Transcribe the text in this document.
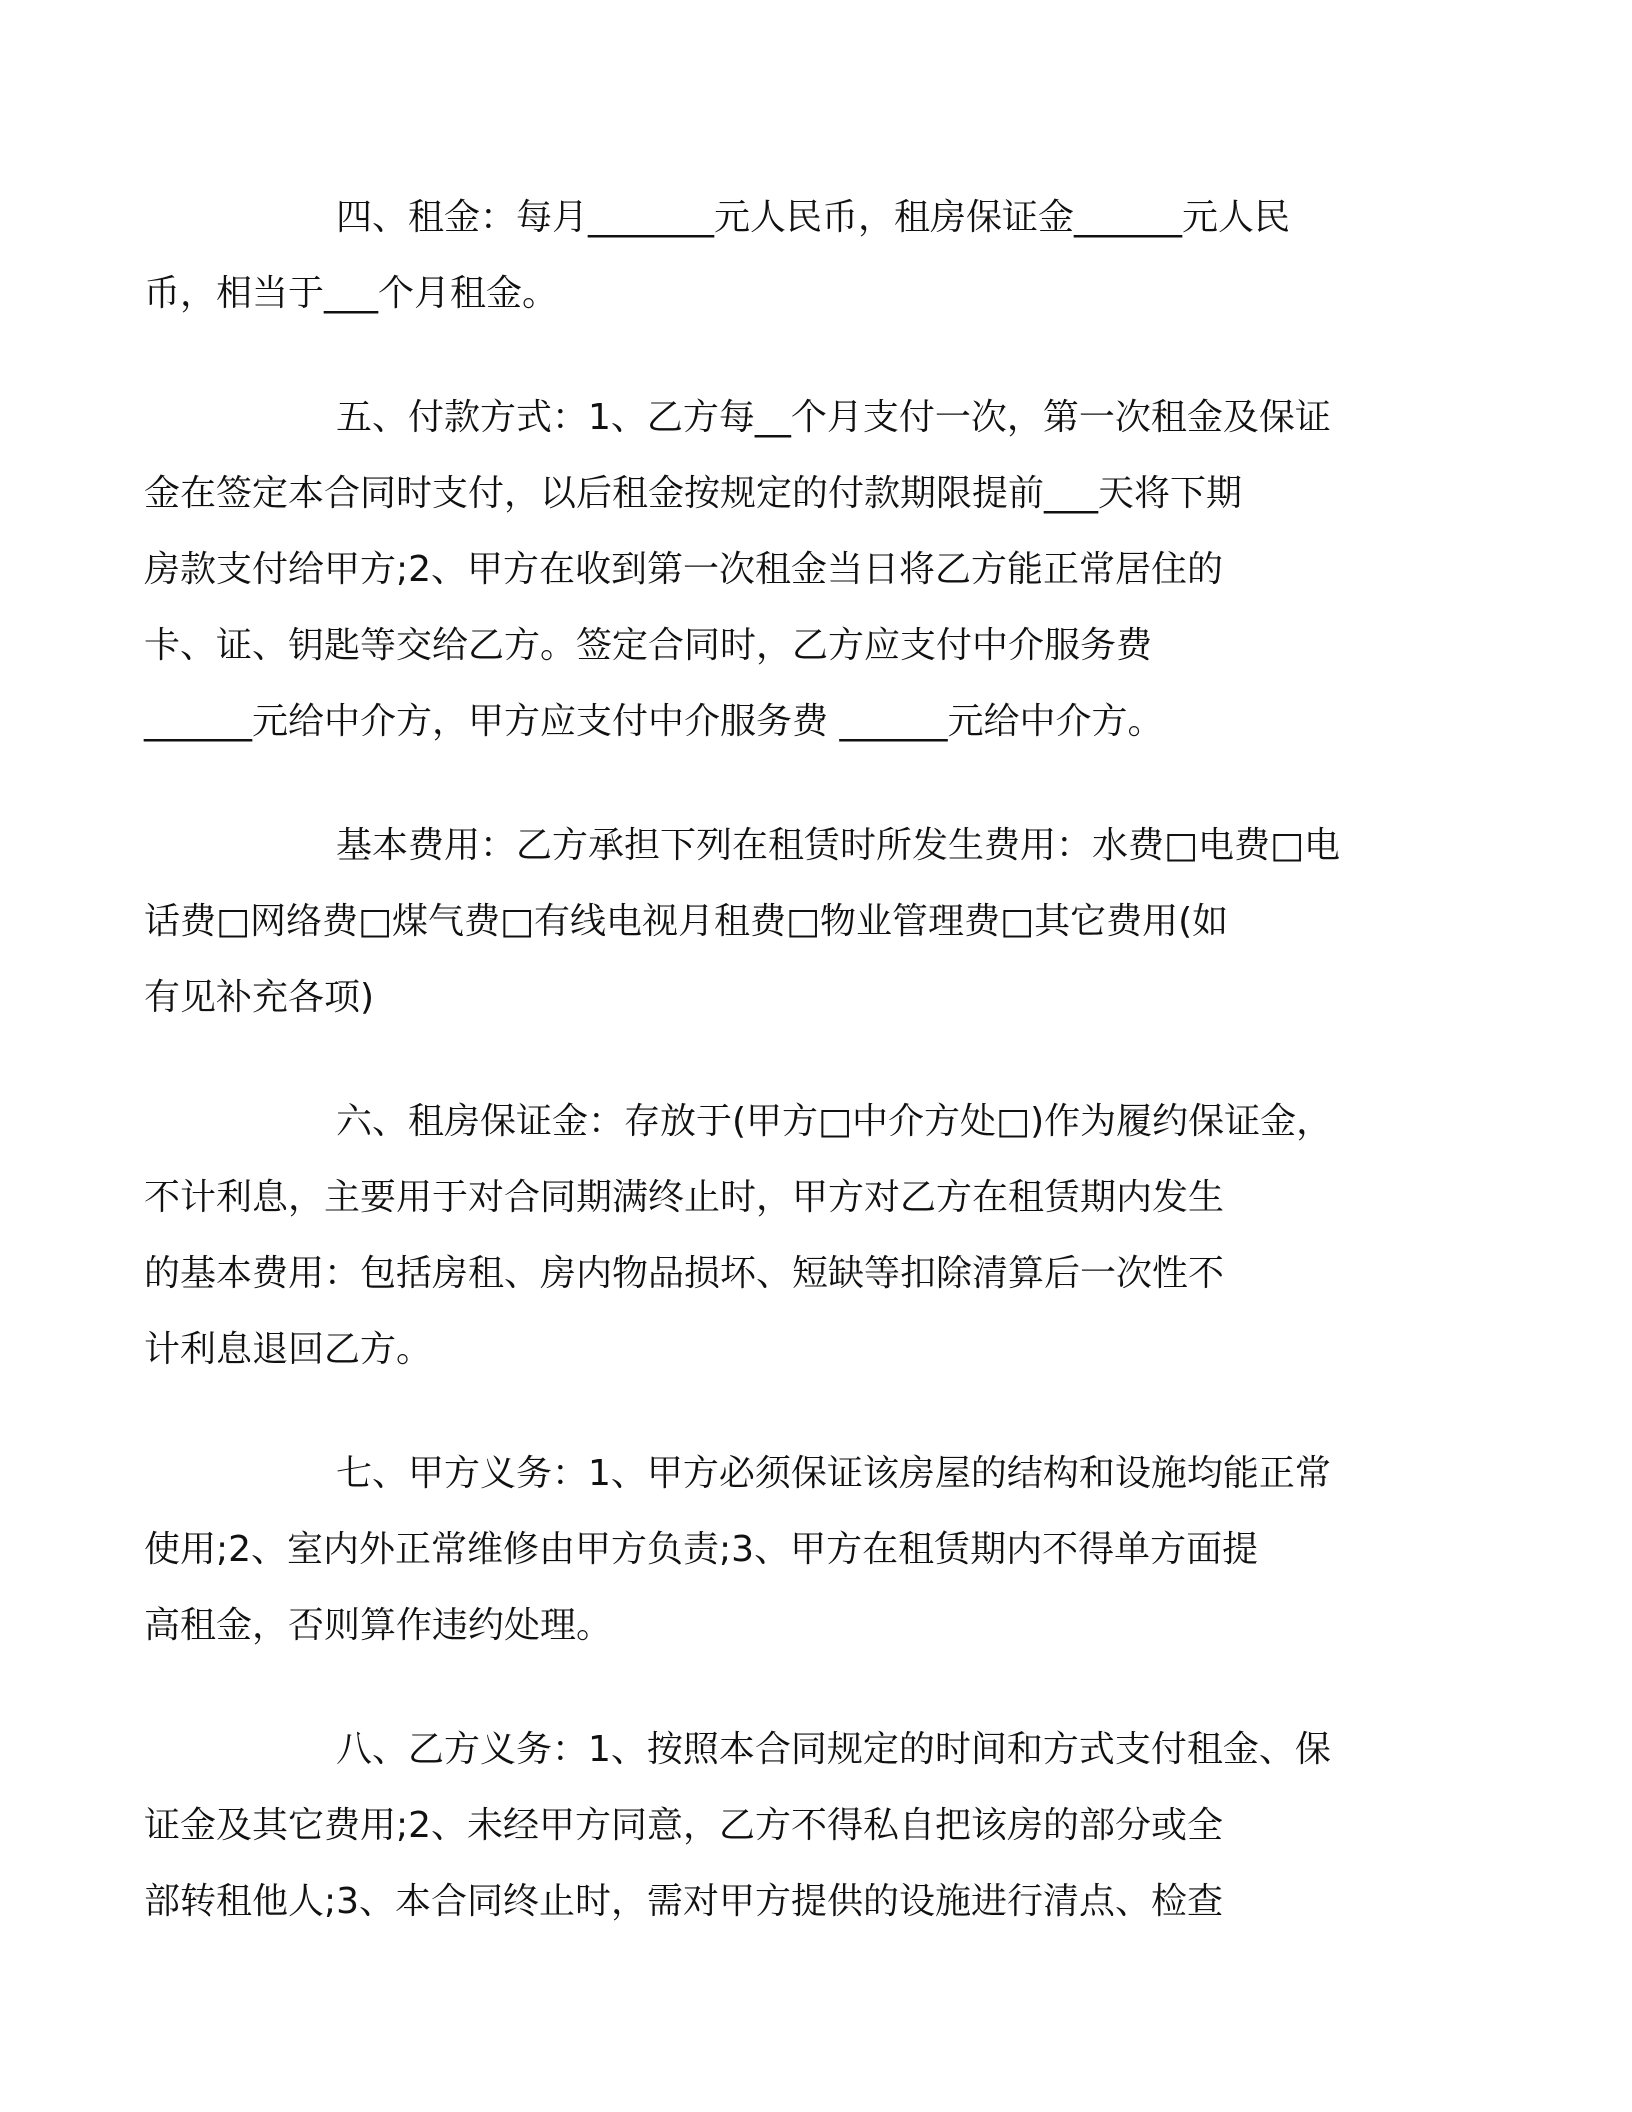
四、租金：每月_______元人民币，租房保证金______元人民
币，相当于___个月租金。

五、付款方式：1、乙方每__个月支付一次，第一次租金及保证
金在签定本合同时支付，以后租金按规定的付款期限提前___天将下期
房款支付给甲方;2、甲方在收到第一次租金当日将乙方能正常居住的
卡、证、钥匙等交给乙方。签定合同时，乙方应支付中介服务费
______元给中介方，甲方应支付中介服务费 ______元给中介方。

基本费用：乙方承担下列在租赁时所发生费用：水费□电费□电
话费□网络费□煤气费□有线电视月租费□物业管理费□其它费用(如
有见补充各项)

六、租房保证金：存放于(甲方□中介方处□)作为履约保证金，
不计利息，主要用于对合同期满终止时，甲方对乙方在租赁期内发生
的基本费用：包括房租、房内物品损坏、短缺等扣除清算后一次性不
计利息退回乙方。

七、甲方义务：1、甲方必须保证该房屋的结构和设施均能正常
使用;2、室内外正常维修由甲方负责;3、甲方在租赁期内不得单方面提
高租金，否则算作违约处理。

八、乙方义务：1、按照本合同规定的时间和方式支付租金、保
证金及其它费用;2、未经甲方同意，乙方不得私自把该房的部分或全
部转租他人;3、本合同终止时，需对甲方提供的设施进行清点、检查
